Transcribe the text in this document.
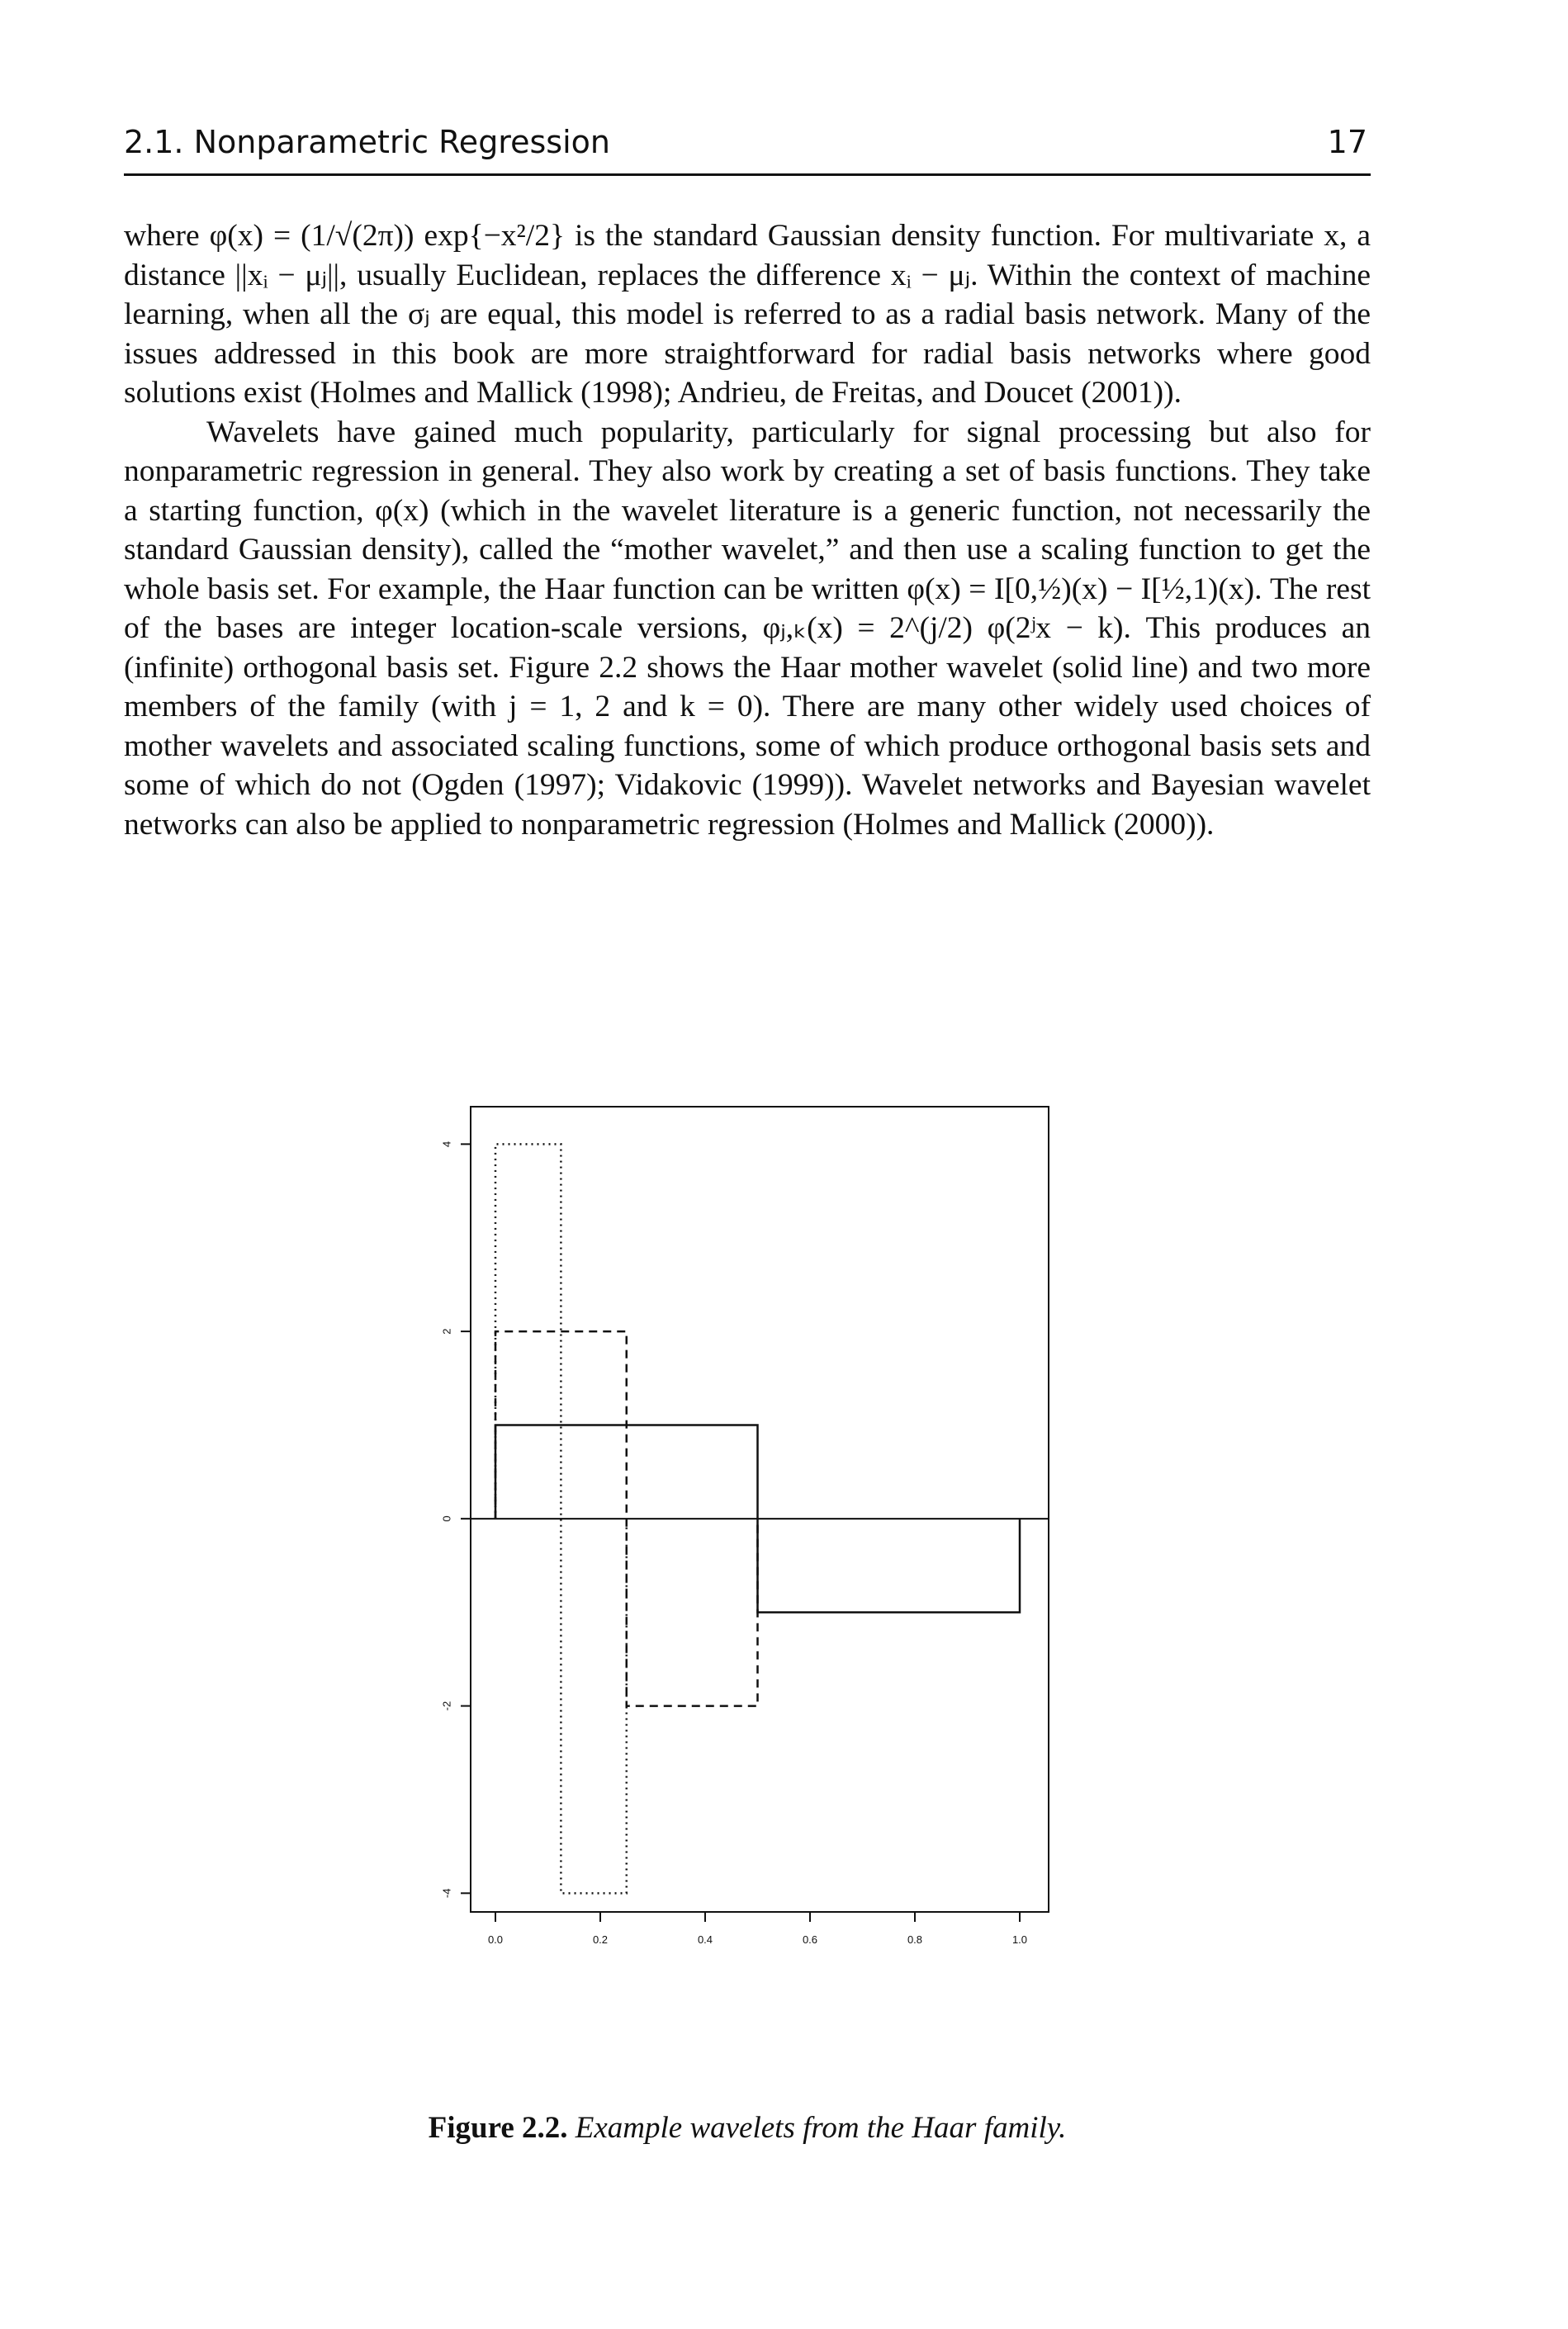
2.1. Nonparametric Regression	17

where φ(x) = (1/√(2π)) exp{−x²/2} is the standard Gaussian density function. For multivariate x, a distance ||xᵢ − μⱼ||, usually Euclidean, replaces the difference xᵢ − μⱼ. Within the context of machine learning, when all the σⱼ are equal, this model is referred to as a radial basis network. Many of the issues addressed in this book are more straightforward for radial basis networks where good solutions exist (Holmes and Mallick (1998); Andrieu, de Freitas, and Doucet (2001)).

Wavelets have gained much popularity, particularly for signal processing but also for nonparametric regression in general. They also work by creating a set of basis functions. They take a starting function, φ(x) (which in the wavelet literature is a generic function, not necessarily the standard Gaussian density), called the “mother wavelet,” and then use a scaling function to get the whole basis set. For example, the Haar function can be written φ(x) = I[0,½)(x) − I[½,1)(x). The rest of the bases are integer location-scale versions, φⱼ,ₖ(x) = 2^(j/2) φ(2ʲx − k). This produces an (infinite) orthogonal basis set. Figure 2.2 shows the Haar mother wavelet (solid line) and two more members of the family (with j = 1, 2 and k = 0). There are many other widely used choices of mother wavelets and associated scaling functions, some of which produce orthogonal basis sets and some of which do not (Ogden (1997); Vidakovic (1999)). Wavelet networks and Bayesian wavelet networks can also be applied to nonparametric regression (Holmes and Mallick (2000)).

0.0	0.2	0.4	0.6	0.8	1.0
-4
-2
0
2
4
Figure 2.2. Example wavelets from the Haar family.
